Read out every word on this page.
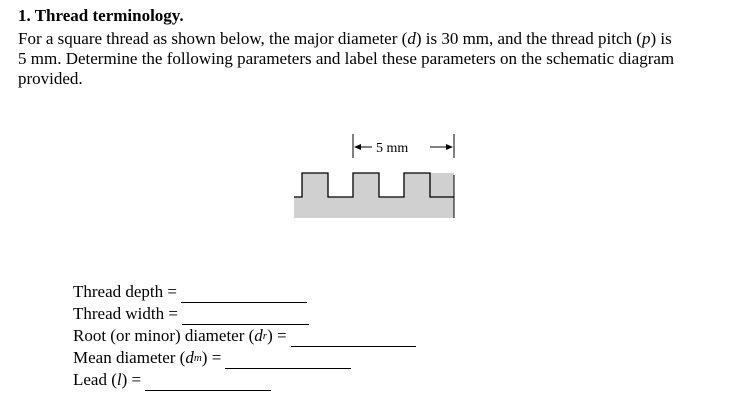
1. Thread terminology.
For a square thread as shown below, the major diameter (d) is 30 mm, and the thread pitch (p) is
5 mm. Determine the following parameters and label these parameters on the schematic diagram
provided.
5 mm
Thread depth =
Thread width =
Root (or minor) diameter ( d r ) =
Mean diameter ( d m ) =
Lead ( l ) =
